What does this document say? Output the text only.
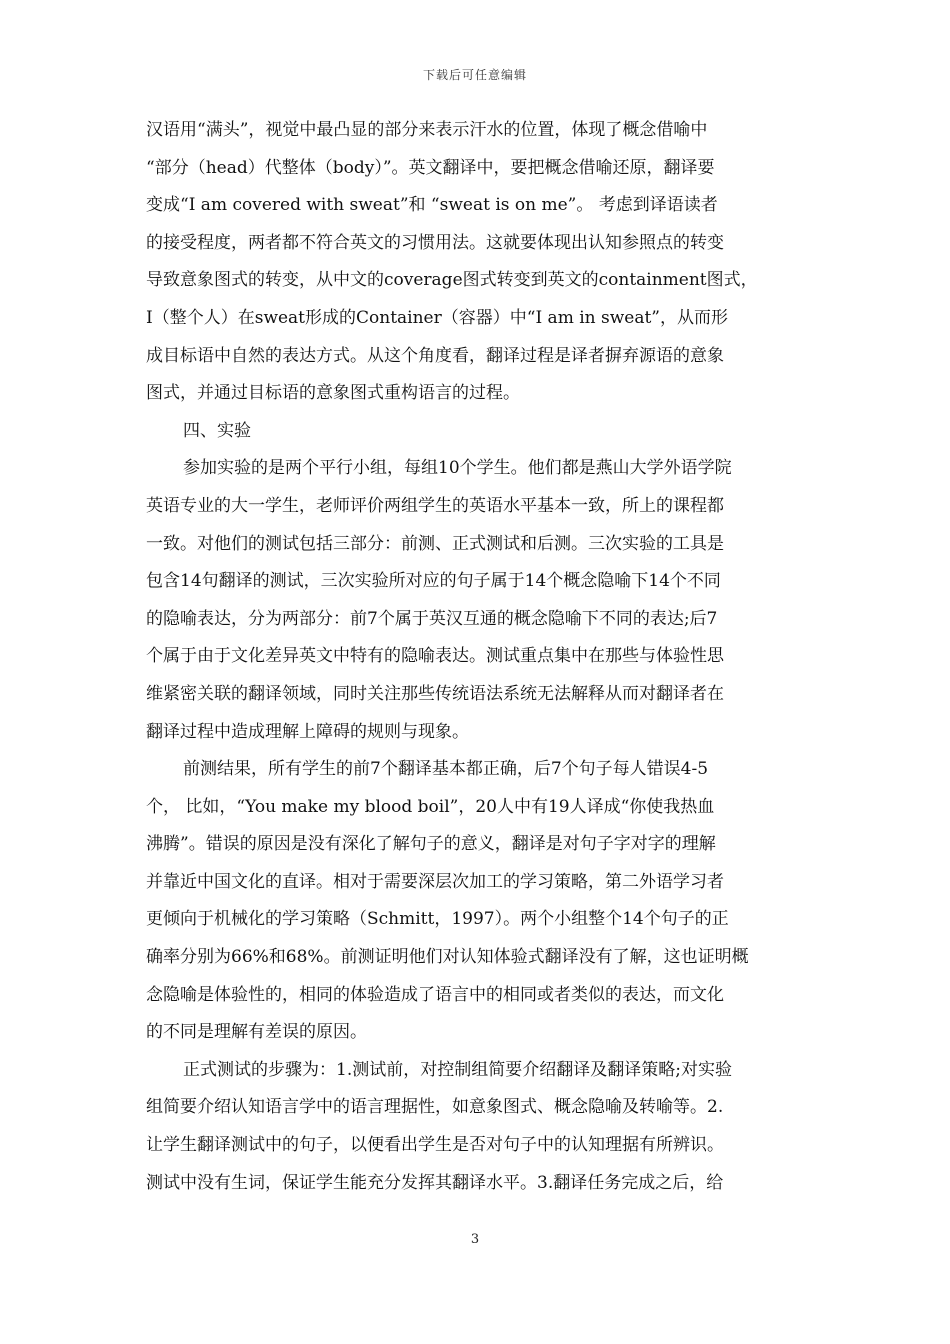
下载后可任意编辑
汉语用“满头”，视觉中最凸显的部分来表示汗水的位置，体现了概念借喻中
“部分（head）代整体（body）”。英文翻译中，要把概念借喻还原，翻译要
变成“I am covered with sweat”和 “sweat is on me”。 考虑到译语读者
的接受程度，两者都不符合英文的习惯用法。这就要体现出认知参照点的转变
导致意象图式的转变，从中文的coverage图式转变到英文的containment图式，
I（整个人）在sweat形成的Container（容器）中“I am in sweat”，从而形
成目标语中自然的表达方式。从这个角度看，翻译过程是译者摒弃源语的意象
图式，并通过目标语的意象图式重构语言的过程。
四、实验
参加实验的是两个平行小组，每组10个学生。他们都是燕山大学外语学院
英语专业的大一学生，老师评价两组学生的英语水平基本一致，所上的课程都
一致。对他们的测试包括三部分：前测、正式测试和后测。三次实验的工具是
包含14句翻译的测试，三次实验所对应的句子属于14个概念隐喻下14个不同
的隐喻表达，分为两部分：前7个属于英汉互通的概念隐喻下不同的表达;后7
个属于由于文化差异英文中特有的隐喻表达。测试重点集中在那些与体验性思
维紧密关联的翻译领域，同时关注那些传统语法系统无法解释从而对翻译者在
翻译过程中造成理解上障碍的规则与现象。
前测结果，所有学生的前7个翻译基本都正确，后7个句子每人错误4-5
个， 比如，“You make my blood boil”，20人中有19人译成“你使我热血
沸腾”。错误的原因是没有深化了解句子的意义，翻译是对句子字对字的理解
并靠近中国文化的直译。相对于需要深层次加工的学习策略，第二外语学习者
更倾向于机械化的学习策略（Schmitt，1997）。两个小组整个14个句子的正
确率分别为66%和68%。前测证明他们对认知体验式翻译没有了解，这也证明概
念隐喻是体验性的，相同的体验造成了语言中的相同或者类似的表达，而文化
的不同是理解有差误的原因。
正式测试的步骤为：1.测试前，对控制组简要介绍翻译及翻译策略;对实验
组简要介绍认知语言学中的语言理据性，如意象图式、概念隐喻及转喻等。2.
让学生翻译测试中的句子，以便看出学生是否对句子中的认知理据有所辨识。
测试中没有生词，保证学生能充分发挥其翻译水平。3.翻译任务完成之后，给
3
